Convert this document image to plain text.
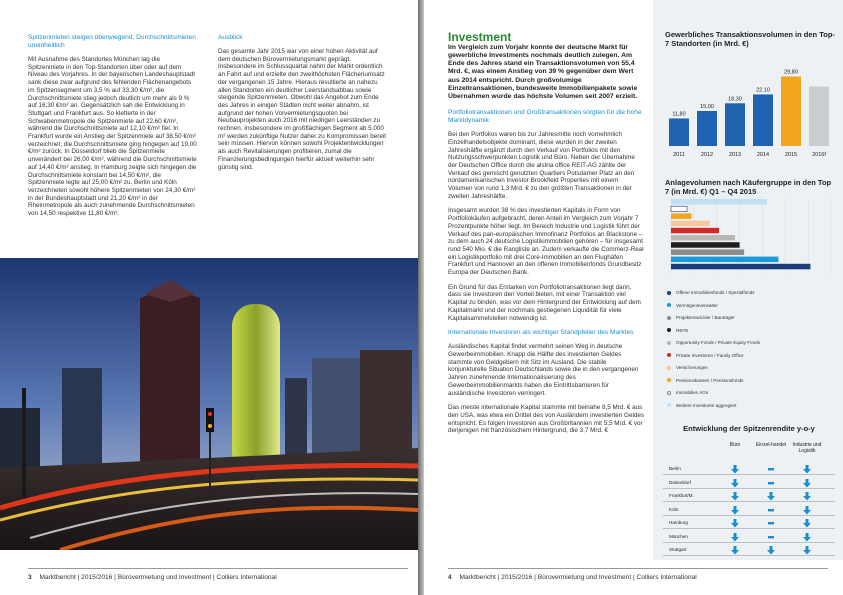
Spitzenmieten steigen überwiegend, Durchschnittsmieten uneinheitlich

Mit Ausnahme des Standortes München lag die Spitzenmiete in den Top-Standorten über oder auf dem Niveau des Vorjahres. In der bayerischen Landeshauptstadt sank diese zwar aufgrund des fehlenden Flächenangebots im Spitzensegment um 3,5 % auf 33,30 €/m², die Durchschnittsmiete stieg jedoch deutlich um mehr als 9 % auf 16,30 €/m² an. Gegensätzlich sah die Entwicklung in Stuttgart und Frankfurt aus. So kletterte in der Schwabenmetropole die Spitzenmiete auf 22,60 €/m², während die Durchschnittsmiete auf 12,10 €/m² fiel. In Frankfurt wurde ein Anstieg der Spitzenmiete auf 38,50 €/m² verzeichnet, die Durchschnittsmiete ging hingegen auf 19,00 €/m² zurück. In Düsseldorf blieb die Spitzenmiete unverändert bei 26,00 €/m², während die Durchschnittsmiete auf 14,40 €/m² anstieg. In Hamburg zeigte sich hingegen die Durchschnittsmiete konstant bei 14,50 €/m², die Spitzenmiete legte auf 25,00 €/m² zu. Berlin und Köln verzeichneten sowohl höhere Spitzenmieten von 24,30 €/m² in der Bundeshauptstadt und 21,20 €/m² in der Rheinmetropole als auch zunehmende Durchschnittsmieten von 14,50 respektive 11,80 €/m².

Ausblick

Das gesamte Jahr 2015 war von einer hohen Aktivität auf dem deutschen Bürovermietungsmarkt geprägt. Insbesondere im Schlussquartal nahm der Markt ordentlich an Fahrt auf und erzielte den zweithöchsten Flächenumsatz der vergangenen 15 Jahre. Hieraus resultierte an nahezu allen Standorten ein deutlicher Leerstandsabbau sowie steigende Spitzenmieten. Obwohl das Angebot zum Ende des Jahres in einigen Städten nicht weiter abnahm, ist aufgrund der hohen Vorvermietungsquoten bei Neubauprojekten auch 2016 mit niedrigen Leerständen zu rechnen. Insbesondere im großflächigen Segment ab 5.000 m² werden zukünftige Nutzer daher zu Kompromissen bereit sein müssen. Hiervon können sowohl Projektentwicklungen als auch Revitalisierungen profitieren, zumal die Finanzierungsbedingungen hierfür aktuell weiterhin sehr günstig sind.

3 Marktbericht | 2015/2016 | Bürovermietung und Investment | Colliers International
Investment
Im Vergleich zum Vorjahr konnte der deutsche Markt für gewerbliche Investments nochmals deutlich zulegen. Am Ende des Jahres stand ein Transaktionsvolumen von 55,4 Mrd. €, was einem Anstieg von 39 % gegenüber dem Wert aus 2014 entspricht. Durch großvolumige Einzeltransaktionen, bundesweite Immobilienpakete sowie Übernahmen wurde das höchste Volumen seit 2007 erzielt.
Portfoliotransaktionen und Großtransaktionen sorgten für die hohe Marktdynamik

Bei den Portfolios waren bis zur Jahresmitte noch vornehmlich Einzelhandelsobjekte dominant, diese wurden in der zweiten Jahreshälfte ergänzt durch den Verkauf von Portfolios mit den Nutzungsschwerpunkten Logistik und Büro. Neben der Übernahme der Deutschen Office durch die alstria office REIT-AG zählte der Verkauf des gemischt genutzten Quartiers Potsdamer Platz an den nordamerikanischen Investor Brookfield Properties mit einem Volumen von rund 1,3 Mrd. € zu den größten Transaktionen in der zweiten Jahreshälfte.

Insgesamt wurden 38 % des investierten Kapitals in Form von Portfoliokäufen aufgebracht, deren Anteil im Vergleich zum Vorjahr 7 Prozentpunkte höher liegt. Im Bereich Industrie und Logistik führt der Verkauf des pan-europäischen Immofinanz Portfolios an Blackstone – zu dem auch 24 deutsche Logistikimmobilien gehören – für insgesamt rund 540 Mio. € die Rangliste an. Zudem verkaufte die Commerz-Real ein Logistikportfolio mit drei Core-Immobilien an den Flughäfen Frankfurt und Hannover an den offenen Immobilienfonds Grundbesitz Europa der Deutschen Bank.

Ein Grund für das Erstarken von Portfoliotransaktionen liegt darin, dass sie Investoren den Vorteil bieten, mit einer Transaktion viel Kapital zu binden, was vor dem Hintergrund der Entwicklung auf dem Kapitalmarkt und der nochmals gestiegenen Liquidität für viele Kapitalsammelstellen notwendig ist.

Internationale Investoren als wichtiger Standpfeiler des Marktes

Ausländisches Kapital findet vermehrt seinen Weg in deutsche Gewerbeimmobilien. Knapp die Hälfte des investierten Geldes stammte von Geldgebern mit Sitz im Ausland. Die stabile konjunkturelle Situation Deutschlands sowie die in den vergangenen Jahren zunehmende Internationalisierung des Gewerbeimmobilienmarkts haben die Eintrittsbarrieren für ausländische Investoren verringert.

Das meiste internationale Kapital stammte mit beinahe 8,5 Mrd. € aus den USA, was etwa ein Drittel des von Ausländern investierten Geldes entspricht. Es folgen Investoren aus Großbritannien mit 5,5 Mrd. € vor denjenigen mit französischem Hintergrund, die 3,7 Mrd. €

Gewerbliches Transaktionsvolumen in den Top-7 Standorten (in Mrd. €)
11,80
2011
15,00
2012
18,30
2013
22,10
2014
29,80
2015	2016f
Anlagevolumen nach Käufergruppe in den Top 7 (in Mrd. €) Q1 – Q4 2015
Offene Immobilienfonds / Spezialfonds
Vermögensverwalter
Projektentwickler / Bauträger
REITs
Opportunity Fonds / Private Equity Fonds
Private Investoren / Family Office
Versicherungen
Pensionskassen / Pensionsfonds
Immobilien AGs
Weitere Investoren aggregiert
Entwicklung der Spitzenrendite y-o-y
Büro	Einzel-handel	Industrie und Logistik
Berlin
Düsseldorf
Frankfurt/M.
Köln
Hamburg
München
Stuttgart
4 Marktbericht | 2015/2016 | Bürovermietung und Investment | Colliers International
